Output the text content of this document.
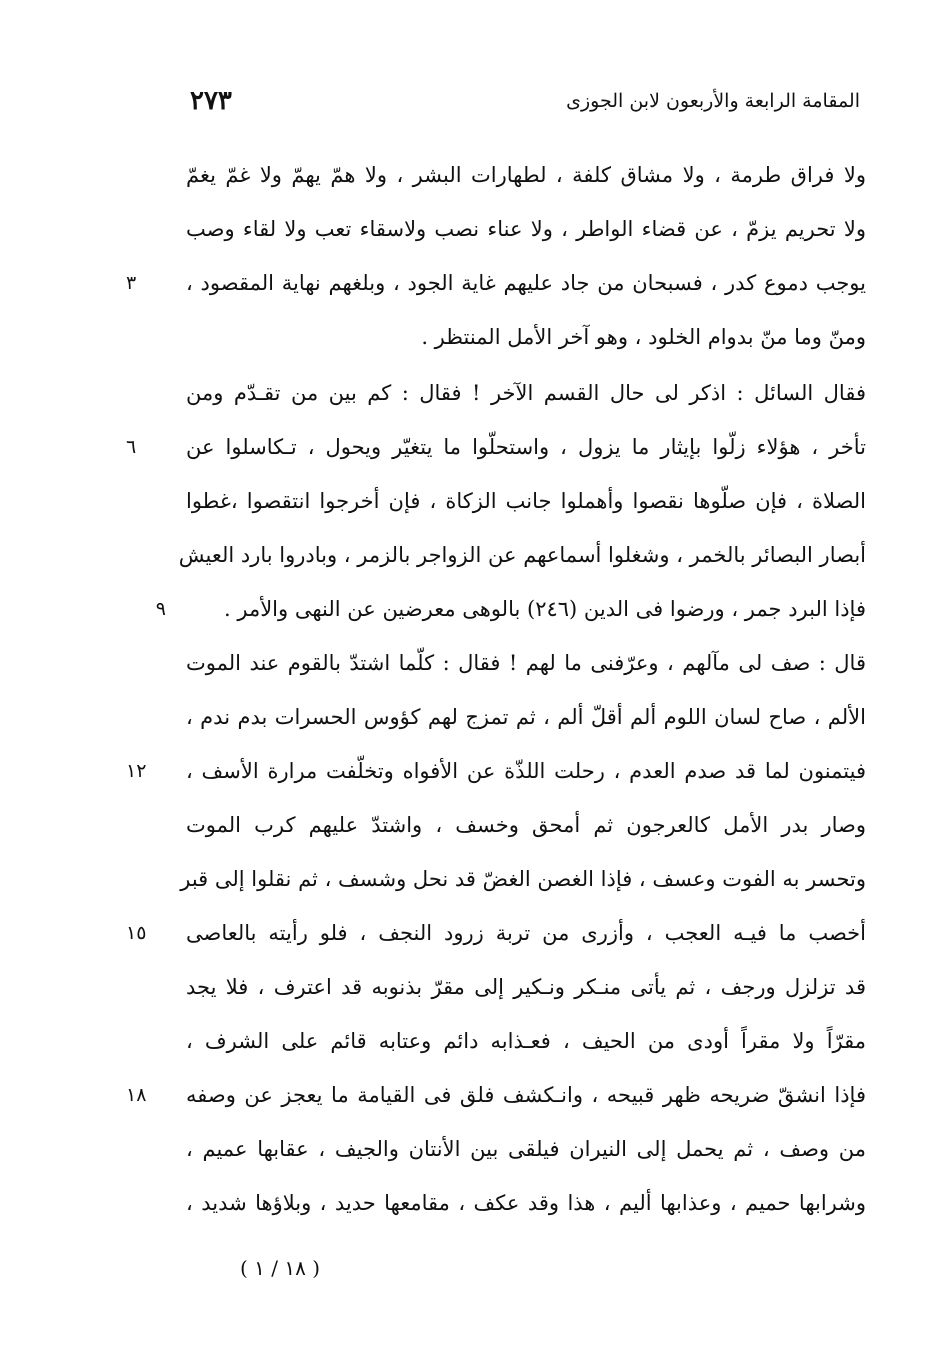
٢٧٣	المقامة الرابعة والأربعون لابن الجوزى
ولا فراق طرمة ، ولا مشاق كلفة ، لطهارات البشر ، ولا همّ يهمّ ولا غمّ يغمّ
ولا تحريم يزمّ ، عن قضاء الواطر ، ولا عناء نصب ولاسقاء تعب ولا لقاء وصب
يوجب دموع كدر ، فسبحان من جاد عليهم غاية الجود ، وبلغهم نهاية المقصود ،
٣
ومنّ وما منّ بدوام الخلود ، وهو آخر الأمل المنتظر .
فقال السائل : اذكر لى حال القسم الآخر ! فقال : كم بين من تقـدّم ومن
تأخر ، هؤلاء زلّوا بإيثار ما يزول ، واستحلّوا ما يتغيّر ويحول ، تـكاسلوا عن
٦
الصلاة ، فإن صلّوها نقصوا وأهملوا جانب الزكاة ، فإن أخرجوا انتقصوا ،غطوا
أبصار البصائر بالخمر ، وشغلوا أسماعهم عن الزواجر بالزمر ، وبادروا بارد العيش
فإذا البرد جمر ، ورضوا فى الدين (٢٤٦) بالوهى معرضين عن النهى والأمر .
٩
قال : صف لى مآلهم ، وعرّفنى ما لهم ! فقال : كلّما اشتدّ بالقوم عند الموت
الألم ، صاح لسان اللوم ألم أقلّ ألم ، ثم تمزج لهم كؤوس الحسرات بدم ندم ،
فيتمنون لما قد صدم العدم ، رحلت اللذّة عن الأفواه وتخلّفت مرارة الأسف ،
١٢
وصار بدر الأمل كالعرجون ثم أمحق وخسف ، واشتدّ عليهم كرب الموت
وتحسر به الفوت وعسف ، فإذا الغصن الغضّ قد نحل وشسف ، ثم نقلوا إلى قبر
أخصب ما فيـه العجب ، وأزرى من تربة زرود النجف ، فلو رأيته بالعاصى
١٥
قد تزلزل ورجف ، ثم يأتى منـكر ونـكير إلى مقرّ بذنوبه قد اعترف ، فلا يجد
مقرّاً ولا مقراً أودى من الحيف ، فعـذابه دائم وعتابه قائم على الشرف ،
فإذا انشقّ ضريحه ظهر قبيحه ، وانـكشف فلق فى القيامة ما يعجز عن وصفه
١٨
من وصف ، ثم يحمل إلى النيران فيلقى بين الأنتان والجيف ، عقابها عميم ،
وشرابها حميم ، وعذابها أليم ، هذا وقد عكف ، مقامعها حديد ، وبلاؤها شديد ،
( ١٨ / ١ )
